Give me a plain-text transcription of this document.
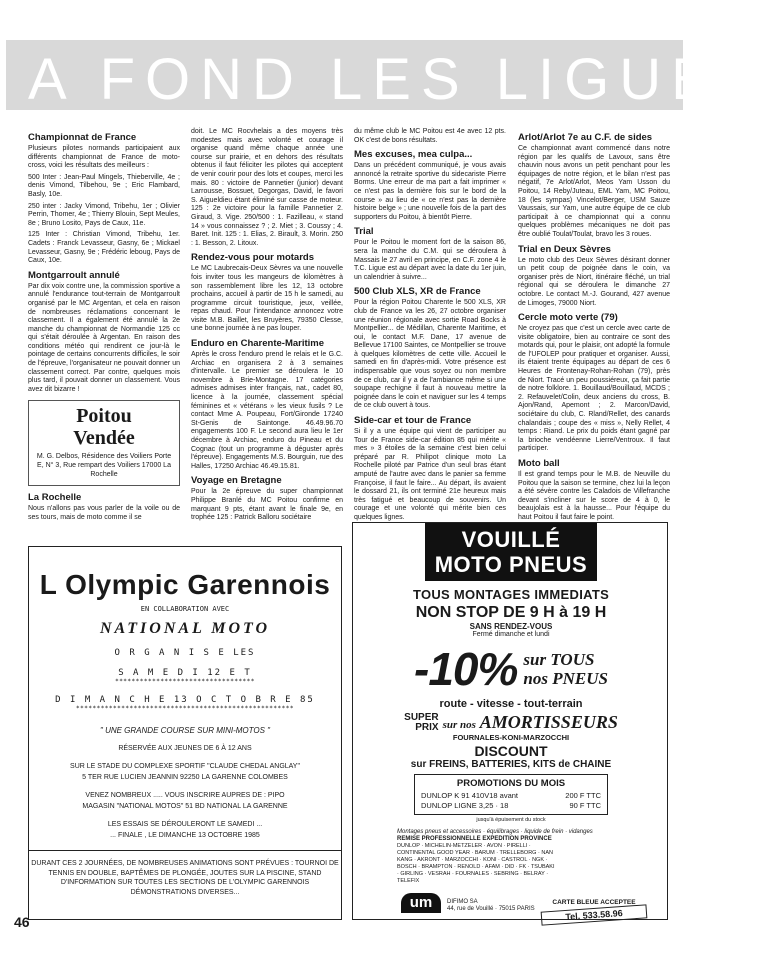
A FOND LES LIGUES
Championnat de France

Plusieurs pilotes normands participaient aux différents championnat de France de moto-cross, voici les résultats des meilleurs :

500 Inter : Jean-Paul Mingels, Thieberville, 4e ; denis Vimond, Tilbehou, 9e ; Eric Flambard, Basly, 10e.

250 inter : Jacky Vimond, Tribehu, 1er ; Olivier Perrin, Thomer, 4e ; Thierry Blouin, Sept Meules, 8e ; Bruno Losito, Pays de Caux, 11e.

125 Inter : Christian Vimond, Tribehu, 1er. Cadets : Franck Levasseur, Gasny, 6e ; Mickael Levasseur, Gasny, 9e ; Frédéric leboug, Pays de Caux, 10e.

Montgarroult annulé

Par dix voix contre une, la commission sportive a annulé l'endurance tout-terrain de Montgarroult organisé par le MC Argentan, et cela en raison de nombreuses réclamations concernant le classement. Il a également été annulé la 2e manche du championnat de Normandie 125 cc qui s'était déroulée à Argentan. En raison des conditions météo qui rendirent ce jour-là le pointage de certains concurrents difficiles, le soir de l'épreuve, l'organisateur ne pouvait donner un classement correct. Par contre, quelques mois plus tard, il pouvait donner un classement. Vous avez dit bizarre !

Poitou
Vendée
M. G. Delbos, Résidence des Voiliers Porte E, N° 3, Rue rempart des Voiliers 17000 La Rochelle
La Rochelle

Nous n'allons pas vous parler de la voile ou de ses tours, mais de moto comme il se

doit. Le MC Rocvhelais a des moyens très modestes mais avec volonté et courage il organise quand même chaque année une course sur prairie, et en dehors des résultats obtenus il faut féliciter les pilotes qui acceptent de venir courir pour des lots et coupes, merci les mais. 80 : victoire de Pannetier (junior) devant Larrousse, Bossuet, Degorgas, David, le favori S. Aigueldieu étant éliminé sur casse de moteur. 125 : 2e victoire pour la famille Pannetier 2. Giraud, 3. Vige. 250/500 : 1. Fazilleau, « stand 14 » vous connaissez ? ; 2. Miet ; 3. Coussy ; 4. Baret. Init. 125 : 1. Elias, 2. Birault, 3. Morin. 250 : 1. Besson, 2. Litoux.

Rendez-vous pour motards

Le MC Laubrecais-Deux Sèvres va une nouvelle fois inviter tous les mangeurs de kilomètres à son rassemblement libre les 12, 13 octobre prochains, accueil à partir de 15 h le samedi, au programme circuit touristique, jeux, veillée, repas chaud. Pour l'intendance annoncez votre visite M.B. Baillet, les Bruyères, 79350 Clesse, une bonne journée à ne pas louper.

Enduro en Charente-Maritime

Après le cross l'enduro prend le relais et le G.C. Archiac en organisera 2 à 3 semaines d'intervalle. Le premier se déroulera le 10 novembre à Brie-Montagne. 17 catégories admises admises inter français, nat., cadet 80, licence à la journée, classement spécial féminines et « vétérans » les vieux fusils ? Le contact Mme A. Poupeau, Fort/Gironde 17240 St-Genis de Saintonge. 46.49.96.70 engagements 100 F. Le second aura lieu le 1er décembre à Archiac, enduro du Pineau et du Cognac (tout un programme à déguster après l'épreuve). Engagements M.S. Bourguin, rue des Halles, 17250 Archiac 46.49.15.81.

Voyage en Bretagne

Pour la 2e épreuve du super championnat Philippe Branlé du MC Poitou confirme en marquant 9 pts, étant avant le finale 9e, en trophée 125 : Patrick Balloru sociétaire

du même club le MC Poitou est 4e avec 12 pts. OK c'est de bons résultats.

Mes excuses, mea culpa...

Dans un précédent communiqué, je vous avais annoncé la retraite sportive du sidecariste Pierre Borms. Une erreur de ma part a fait imprimer « ce n'est pas la dernière fois sur le bord de la course » au lieu de « ce n'est pas la dernière histoire belge » ; une nouvelle fois de la part des supporters du Poitou, à bientôt Pierre.

Trial

Pour le Poitou le moment fort de la saison 86, sera la manche du C.M. qui se déroulera à Massais le 27 avril en principe, en C.F. zone 4 le T.C. Ligue est au départ avec la date du 1er juin, un calendrier à suivre...

500 Club XLS, XR de France

Pour la région Poitou Charente le 500 XLS, XR club de France va les 26, 27 octobre organiser une réunion régionale avec sortie Road Bocks à Montpellier... de Médillan, Charente Maritime, et oui, le contact M.F. Dane, 17 avenue de Bellevue 17100 Saintes, ce Montpellier se trouve à quelques kilomètres de cette ville. Accueil le samedi en fin d'après-midi. Votre présence est indispensable que vous soyez ou non membre de ce club, car il y a de l'ambiance même si une soupape rechigne il faut à nouveau mettre la poignée dans le coin et naviguer sur les 4 temps de ce club ouvert à tous.

Side-car et tour de France

Si il y a une équipe qui vient de participer au Tour de France side-car édition 85 qui mérite « mes » 3 étoiles de la semaine c'est bien celui préparé par R. Philipot clinique moto La Rochelle piloté par Patrice d'un seul bras étant amputé de l'autre avec dans le panier sa femme Françoise, il faut le faire... Au départ, ils avaient le dossard 21, ils ont terminé 21e heureux mais très fatigué et beaucoup de souvenirs. Un courage et une volonté qui mérite bien ces quelques lignes.

Arlot/Arlot 7e au C.F. de sides

Ce championnat avant commencé dans notre région par les qualifs de Lavoux, sans être chauvin nous avons un petit penchant pour les équipages de notre région, et le bilan n'est pas négatif, 7e Arlot/Arlot, Meos Yam Usson du Poitou, 14 Reby/Juteau, EML Yam, MC Poitou, 18 (les sympas) Vincelot/Berger, USM Sauze Vaussais, sur Yam, une autre équipe de ce club participait à ce championnat qui a connu quelques problèmes mécaniques ne doit pas être oublié Toulat/Toulat, bravo les 3 roues.

Trial en Deux Sèvres

Le moto club des Deux Sèvres désirant donner un petit coup de poignée dans le coin, va organiser près de Niort, itinéraire fléché, un trial régional qui se déroulera le dimanche 27 octobre. Le contact M.-J. Gourand, 427 avenue de Limoges, 79000 Niort.

Cercle moto verte (79)

Ne croyez pas que c'est un cercle avec carte de visite obligatoire, bien au contraire ce sont des motards qui, pour le plaisir, ont adopté la formule de l'UFOLEP pour pratiquer et organiser. Aussi, ils étaient trente équipages au départ de ces 6 Heures de Frontenay-Rohan-Rohan (79), près de Niort. Tracé un peu poussiéreux, ça fait partie de notre folklore. 1. Bouillaud/Bouillaud, MCDS ; 2. Refauvelet/Colin, deux anciens du cross, B. Ajon/Rand, Apemont ; 2. Marcon/David, sociétaire du club, C. Rland/Rellet, des canards chalandais ; coupe des « miss », Nelly Rellet, 4 temps : Riand. Le prix du poids étant gagné par la brioche vendéenne Lierre/Ventroux. Il faut participer.

Moto ball

Il est grand temps pour le M.B. de Neuville du Poitou que la saison se termine, chez lui la leçon a été sévère contre les Caladois de Villefranche devant s'incliner sur le score de 4 à 0, le beaujolais est à la hausse... Pour l'équipe du haut Poitou il faut faire le point.

L Olympic Garennois
EN COLLABORATION AVEC
NATIONAL MOTO
O R G A N I S E LES
S A M E D I 12 E T
**********************************
D I M A N C H E 13 O C T O B R E 85
*****************************************************
" UNE GRANDE COURSE SUR MINI-MOTOS "
RÉSERVÉE AUX JEUNES DE 6 À 12 ANS
SUR LE STADE DU COMPLEXE SPORTIF "CLAUDE CHEDAL ANGLAY"
5 TER RUE LUCIEN JEANNIN 92250 LA GARENNE COLOMBES
VENEZ NOMBREUX ..... VOUS INSCRIRE AUPRES DE : PIPO
MAGASIN "NATIONAL MOTOS" 51 BD NATIONAL LA GARENNE
LES ESSAIS SE DÉROULERONT LE SAMEDI ...
... FINALE , LE DIMANCHE 13 OCTOBRE 1985
DURANT CES 2 JOURNÉES, DE NOMBREUSES ANIMATIONS SONT PRÉVUES : TOURNOI DE TENNIS EN DOUBLE, BAPTÊMES DE PLONGÉE, JOUTES SUR LA PISCINE, STAND D'INFORMATION SUR TOUTES LES SECTIONS DE L'OLYMPIC GARENNOIS DÉMONSTRATIONS DIVERSES...
VOUILLÉ
MOTO PNEUS
TOUS MONTAGES IMMEDIATS
NON STOP DE 9 H à 19 H
SANS RENDEZ-VOUS
Fermé dimanche et lundi
-10% sur TOUS
nos PNEUS
route - vitesse - tout-terrain
SUPER
PRIX sur nos AMORTISSEURS
FOURNALES-KONI-MARZOCCHI
DISCOUNT
sur FREINS, BATTERIES, KITS de CHAINE
PROMOTIONS DU MOIS
DUNLOP K 91 410V18 avant	200 F TTC
DUNLOP LIGNE 3,25 · 18	90 F TTC
jusqu'à épuisement du stock
Montages pneus et accessoires · équilibrages · liquide de frein · vidanges
REMISE PROFESSIONNELLE EXPEDITION PROVINCE
DUNLOP · MICHELIN·METZELER · AVON · PIRELLI · CONTINENTAL GOOD YEAR · BARUM · TRELLEBORG · NAN KANG · AKRONT · MARZOCCHI · KONI · CASTROL · NGK · BOSCH · BRAMPTON · RENOLD · AFAM · DID · FK · TSUBAKI · GIRLING · VESRAH · FOURNALES · SEBRING · BELRAY · TELEFIX
CARTE BLEUE ACCEPTEE
Tel. 533.58.96
um	DIFIMO SA
44, rue de Vouillé · 75015 PARIS
46
